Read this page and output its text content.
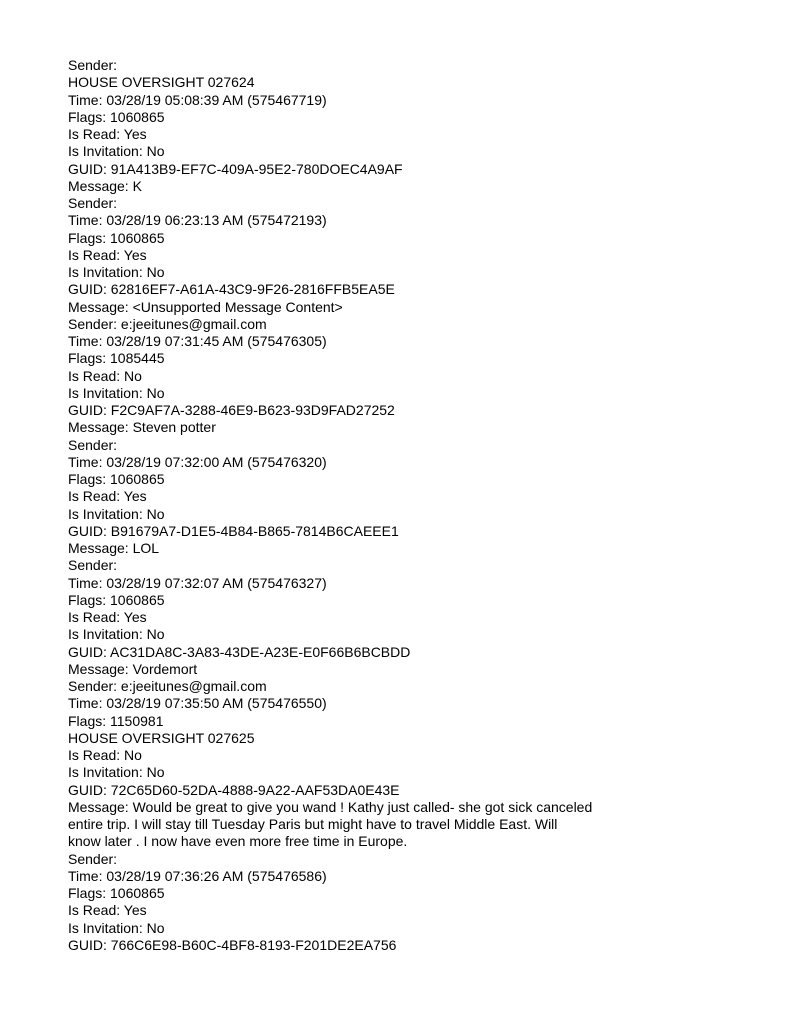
Sender:
HOUSE OVERSIGHT 027624
Time: 03/28/19 05:08:39 AM (575467719)
Flags: 1060865
Is Read: Yes
Is Invitation: No
GUID: 91A413B9-EF7C-409A-95E2-780DOEC4A9AF
Message: K
Sender:
Time: 03/28/19 06:23:13 AM (575472193)
Flags: 1060865
Is Read: Yes
Is Invitation: No
GUID: 62816EF7-A61A-43C9-9F26-2816FFB5EA5E
Message: <Unsupported Message Content>
Sender: e:jeeitunes@gmail.com
Time: 03/28/19 07:31:45 AM (575476305)
Flags: 1085445
Is Read: No
Is Invitation: No
GUID: F2C9AF7A-3288-46E9-B623-93D9FAD27252
Message: Steven potter
Sender:
Time: 03/28/19 07:32:00 AM (575476320)
Flags: 1060865
Is Read: Yes
Is Invitation: No
GUID: B91679A7-D1E5-4B84-B865-7814B6CAEEE1
Message: LOL
Sender:
Time: 03/28/19 07:32:07 AM (575476327)
Flags: 1060865
Is Read: Yes
Is Invitation: No
GUID: AC31DA8C-3A83-43DE-A23E-E0F66B6BCBDD
Message: Vordemort
Sender: e:jeeitunes@gmail.com
Time: 03/28/19 07:35:50 AM (575476550)
Flags: 1150981
HOUSE OVERSIGHT 027625
Is Read: No
Is Invitation: No
GUID: 72C65D60-52DA-4888-9A22-AAF53DA0E43E
Message: Would be great to give you wand ! Kathy just called- she got sick canceled
entire trip. I will stay till Tuesday Paris but might have to travel Middle East. Will
know later . I now have even more free time in Europe.
Sender:
Time: 03/28/19 07:36:26 AM (575476586)
Flags: 1060865
Is Read: Yes
Is Invitation: No
GUID: 766C6E98-B60C-4BF8-8193-F201DE2EA756
